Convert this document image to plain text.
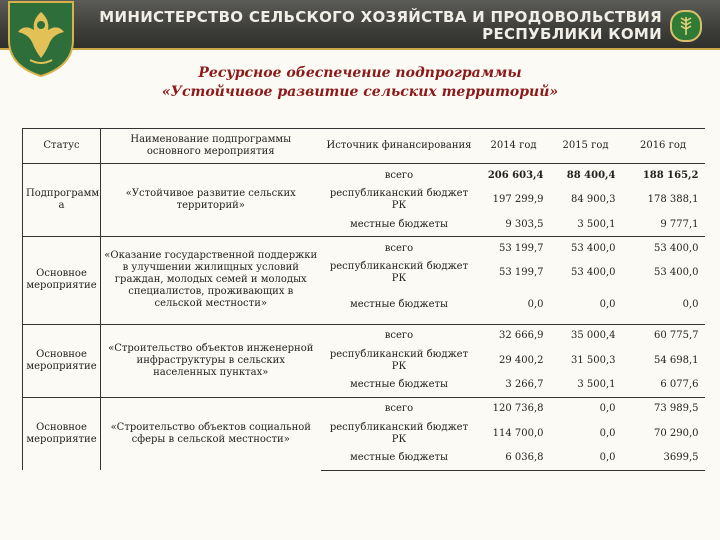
МИНИСТЕРСТВО СЕЛЬСКОГО ХОЗЯЙСТВА И ПРОДОВОЛЬСТВИЯ
РЕСПУБЛИКИ КОМИ
Ресурсное обеспечение подпрограммы
«Устойчивое развитие сельских территорий»
Статус	Наименование подпрограммы основного мероприятия	Источник финансирования	2014 год	2015 год	2016 год
Подпрограмм а	«Устойчивое развитие сельских территорий»	всего	206 603,4	88 400,4	188 165,2
		республиканский бюджет РК	197 299,9	84 900,3	178 388,1
		местные бюджеты	9 303,5	3 500,1	9 777,1
Основное мероприятие	«Оказание государственной поддержки в улучшении жилищных условий граждан, молодых семей и молодых специалистов, проживающих в сельской местности»	всего	53 199,7	53 400,0	53 400,0
		республиканский бюджет РК	53 199,7	53 400,0	53 400,0
		местные бюджеты	0,0	0,0	0,0
Основное мероприятие	«Строительство объектов инженерной инфраструктуры в сельских населенных пунктах»	всего	32 666,9	35 000,4	60 775,7
		республиканский бюджет РК	29 400,2	31 500,3	54 698,1
		местные бюджеты	3 266,7	3 500,1	6 077,6
Основное мероприятие	«Строительство объектов социальной сферы в сельской местности»	всего	120 736,8	0,0	73 989,5
		республиканский бюджет РК	114 700,0	0,0	70 290,0
		местные бюджеты	6 036,8	0,0	3699,5
